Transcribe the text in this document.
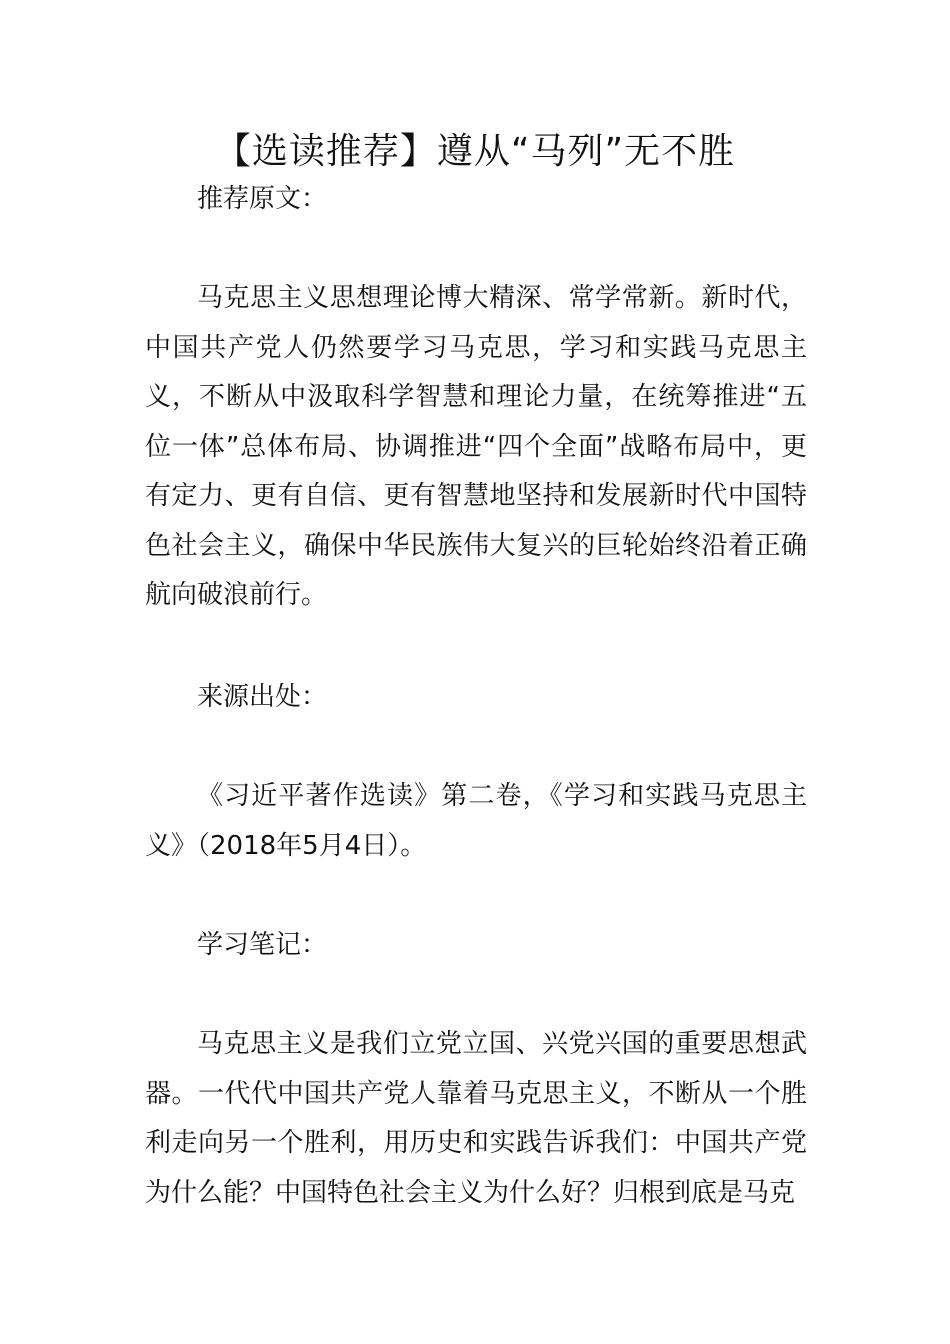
【选读推荐】遵从“马列”无不胜
推荐原文：
马克思主义思想理论博大精深、常学常新。新时代，中国共产党人仍然要学习马克思，学习和实践马克思主义，不断从中汲取科学智慧和理论力量，在统筹推进“五位一体”总体布局、协调推进“四个全面”战略布局中，更有定力、更有自信、更有智慧地坚持和发展新时代中国特色社会主义，确保中华民族伟大复兴的巨轮始终沿着正确航向破浪前行。
来源出处：
《习近平著作选读》第二卷，《学习和实践马克思主义》（2018年5月4日）。
学习笔记：
马克思主义是我们立党立国、兴党兴国的重要思想武器。一代代中国共产党人靠着马克思主义，不断从一个胜利走向另一个胜利，用历史和实践告诉我们：中国共产党为什么能？中国特色社会主义为什么好？归根到底是马克
